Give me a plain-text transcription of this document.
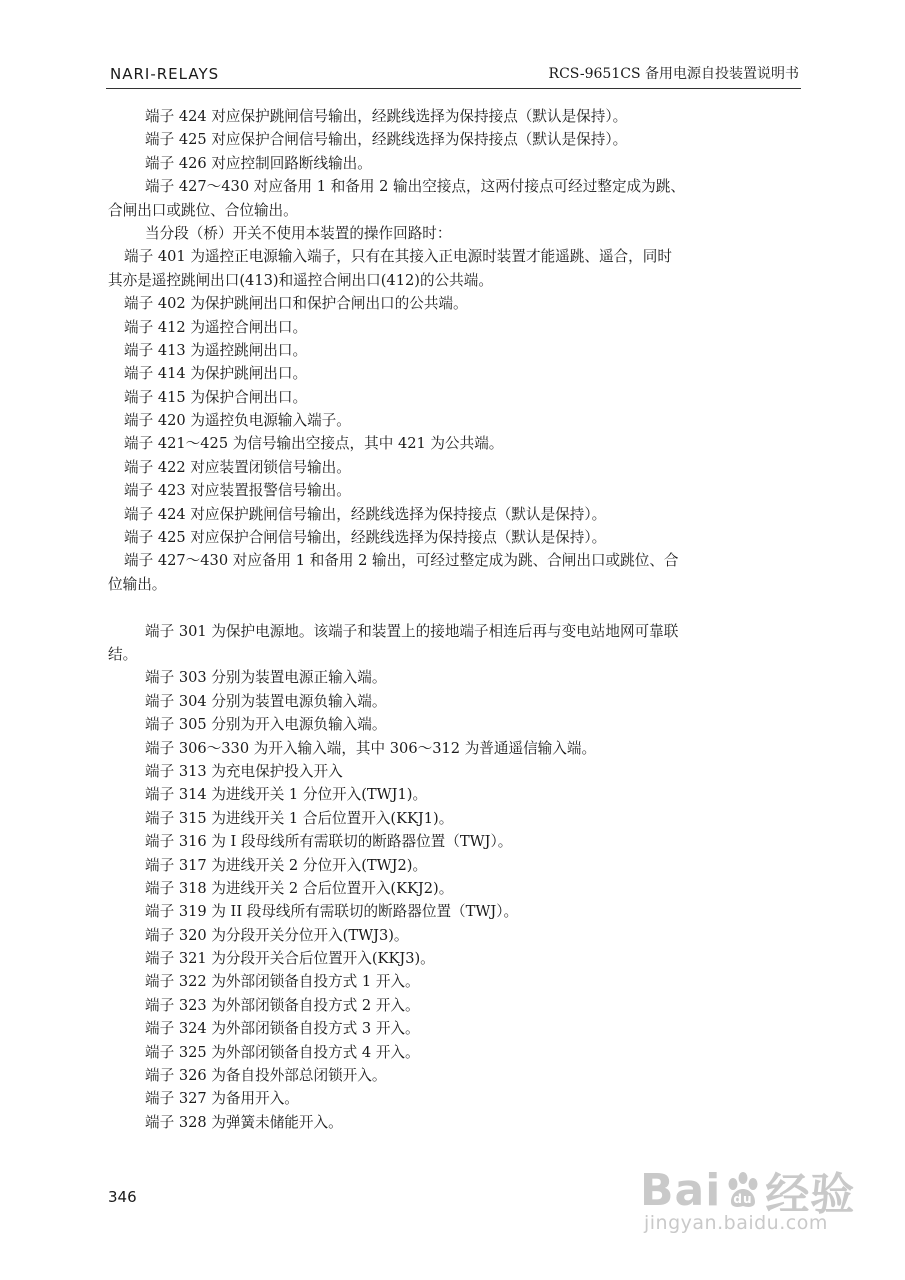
NARI-RELAYS	RCS-9651CS 备用电源自投装置说明书
端子 424 对应保护跳闸信号输出，经跳线选择为保持接点（默认是保持）。
端子 425 对应保护合闸信号输出，经跳线选择为保持接点（默认是保持）。
端子 426 对应控制回路断线输出。
端子 427～430 对应备用 1 和备用 2 输出空接点，这两付接点可经过整定成为跳、
合闸出口或跳位、合位输出。
当分段（桥）开关不使用本装置的操作回路时：
端子 401 为遥控正电源输入端子，只有在其接入正电源时装置才能遥跳、遥合，同时
其亦是遥控跳闸出口(413)和遥控合闸出口(412)的公共端。
端子 402 为保护跳闸出口和保护合闸出口的公共端。
端子 412 为遥控合闸出口。
端子 413 为遥控跳闸出口。
端子 414 为保护跳闸出口。
端子 415 为保护合闸出口。
端子 420 为遥控负电源输入端子。
端子 421～425 为信号输出空接点，其中 421 为公共端。
端子 422 对应装置闭锁信号输出。
端子 423 对应装置报警信号输出。
端子 424 对应保护跳闸信号输出，经跳线选择为保持接点（默认是保持）。
端子 425 对应保护合闸信号输出，经跳线选择为保持接点（默认是保持）。
端子 427～430 对应备用 1 和备用 2 输出，可经过整定成为跳、合闸出口或跳位、合
位输出。
端子 301 为保护电源地。该端子和装置上的接地端子相连后再与变电站地网可靠联
结。
端子 303 分别为装置电源正输入端。
端子 304 分别为装置电源负输入端。
端子 305 分别为开入电源负输入端。
端子 306～330 为开入输入端，其中 306～312 为普通遥信输入端。
端子 313 为充电保护投入开入
端子 314 为进线开关 1 分位开入(TWJ1)。
端子 315 为进线开关 1 合后位置开入(KKJ1)。
端子 316 为 I 段母线所有需联切的断路器位置（TWJ）。
端子 317 为进线开关 2 分位开入(TWJ2)。
端子 318 为进线开关 2 合后位置开入(KKJ2)。
端子 319 为 II 段母线所有需联切的断路器位置（TWJ）。
端子 320 为分段开关分位开入(TWJ3)。
端子 321 为分段开关合后位置开入(KKJ3)。
端子 322 为外部闭锁备自投方式 1 开入。
端子 323 为外部闭锁备自投方式 2 开入。
端子 324 为外部闭锁备自投方式 3 开入。
端子 325 为外部闭锁备自投方式 4 开入。
端子 326 为备自投外部总闭锁开入。
端子 327 为备用开入。
端子 328 为弹簧未储能开入。
346	Bai du 经验
jingyan.baidu.com
